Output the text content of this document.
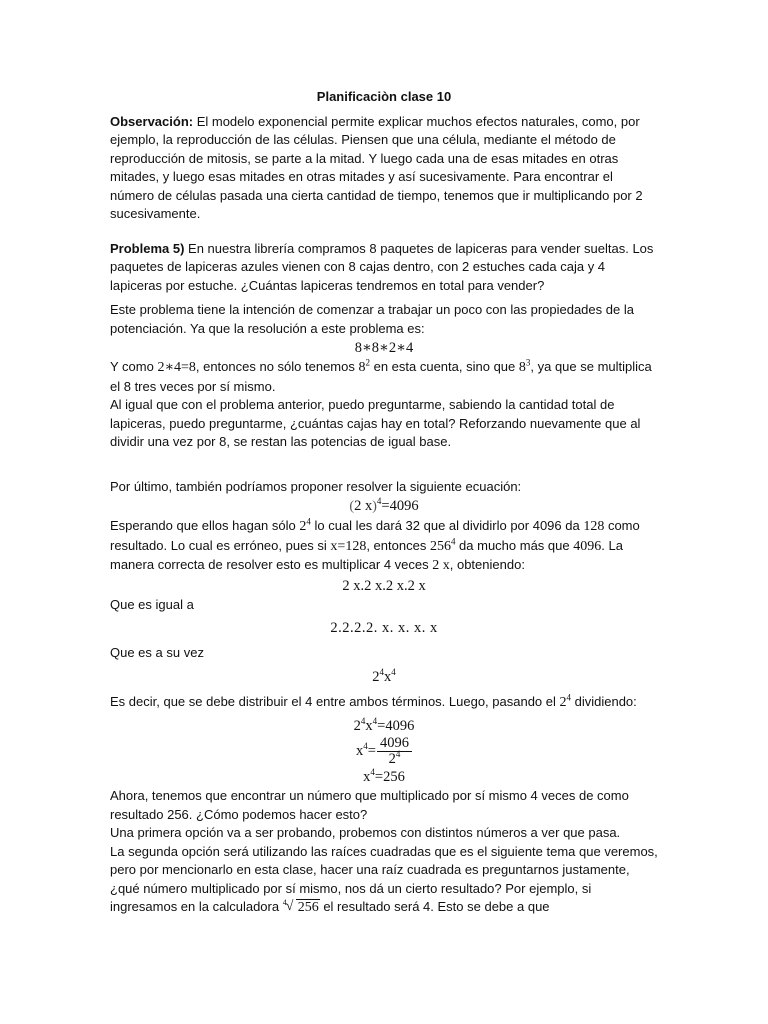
Planificaciòn clase 10

Observación: El modelo exponencial permite explicar muchos efectos naturales, como, por ejemplo, la reproducción de las células. Piensen que una célula, mediante el método de reproducción de mitosis, se parte a la mitad. Y luego cada una de esas mitades en otras mitades, y luego esas mitades en otras mitades y así sucesivamente. Para encontrar el número de células pasada una cierta cantidad de tiempo, tenemos que ir multiplicando por 2 sucesivamente.

Problema 5) En nuestra librería compramos 8 paquetes de lapiceras para vender sueltas. Los paquetes de lapiceras azules vienen con 8 cajas dentro, con 2 estuches cada caja y 4 lapiceras por estuche. ¿Cuántas lapiceras tendremos en total para vender?

Este problema tiene la intención de comenzar a trabajar un poco con las propiedades de la potenciación. Ya que la resolución a este problema es:

8∗8∗2∗4

Y como 2∗4=8, entonces no sólo tenemos $8^2$ en esta cuenta, sino que $8^3$, ya que se multiplica el 8 tres veces por sí mismo.

Al igual que con el problema anterior, puedo preguntarme, sabiendo la cantidad total de lapiceras, puedo preguntarme, ¿cuántas cajas hay en total? Reforzando nuevamente que al dividir una vez por 8, se restan las potencias de igual base.

Por último, también podríamos proponer resolver la siguiente ecuación:

(2 x)$^4$=4096

Esperando que ellos hagan sólo $2^4$ lo cual les dará 32 que al dividirlo por 4096 da 128 como resultado. Lo cual es erróneo, pues si x=128, entonces $256^4$ da mucho más que 4096. La manera correcta de resolver esto es multiplicar 4 veces 2 x, obteniendo:

2 x.2 x.2 x.2 x

Que es igual a

2.2.2.2. x. x. x. x

Que es a su vez

$2^4x^4$

Es decir, que se debe distribuir el 4 entre ambos términos. Luego, pasando el $2^4$ dividiendo:

$2^4x^4=4096$
$x^4= \frac{4096}{2^4}$
$x^4=256$

Ahora, tenemos que encontrar un número que multiplicado por sí mismo 4 veces de como resultado 256. ¿Cómo podemos hacer esto?

Una primera opción va a ser probando, probemos con distintos números a ver que pasa.

La segunda opción será utilizando las raíces cuadradas que es el siguiente tema que veremos, pero por mencionarlo en esta clase, hacer una raíz cuadrada es preguntarnos justamente, ¿qué número multiplicado por sí mismo, nos dá un cierto resultado? Por ejemplo, si ingresamos en la calculadora 4 √ 256 el resultado será 4. Esto se debe a que
